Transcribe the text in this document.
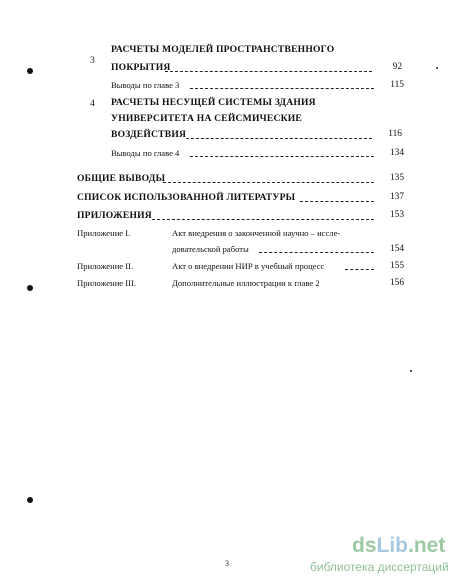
3
РАСЧЕТЫ МОДЕЛЕЙ ПРОСТРАНСТВЕННОГО
ПОКРЫТИЯ	92
Выводы по главе 3	115
4 РАСЧЕТЫ НЕСУЩЕЙ СИСТЕМЫ ЗДАНИЯ
УНИВЕРСИТЕТА НА СЕЙСМИЧЕСКИЕ
ВОЗДЕЙСТВИЯ	116
Выводы по главе 4	134
ОБЩИЕ ВЫВОДЫ	135
СПИСОК ИСПОЛЬЗОВАННОЙ ЛИТЕРАТУРЫ	137
ПРИЛОЖЕНИЯ	153
Приложение I.	Акт внедрения о законченной научно – иссле-
довательской работы	154
Приложение II.	Акт о внедрении НИР в учебный процесс	155
Приложение III.	Дополнительные иллюстрации к главе 2	156
3
dsLib.net
библиотека диссертаций
